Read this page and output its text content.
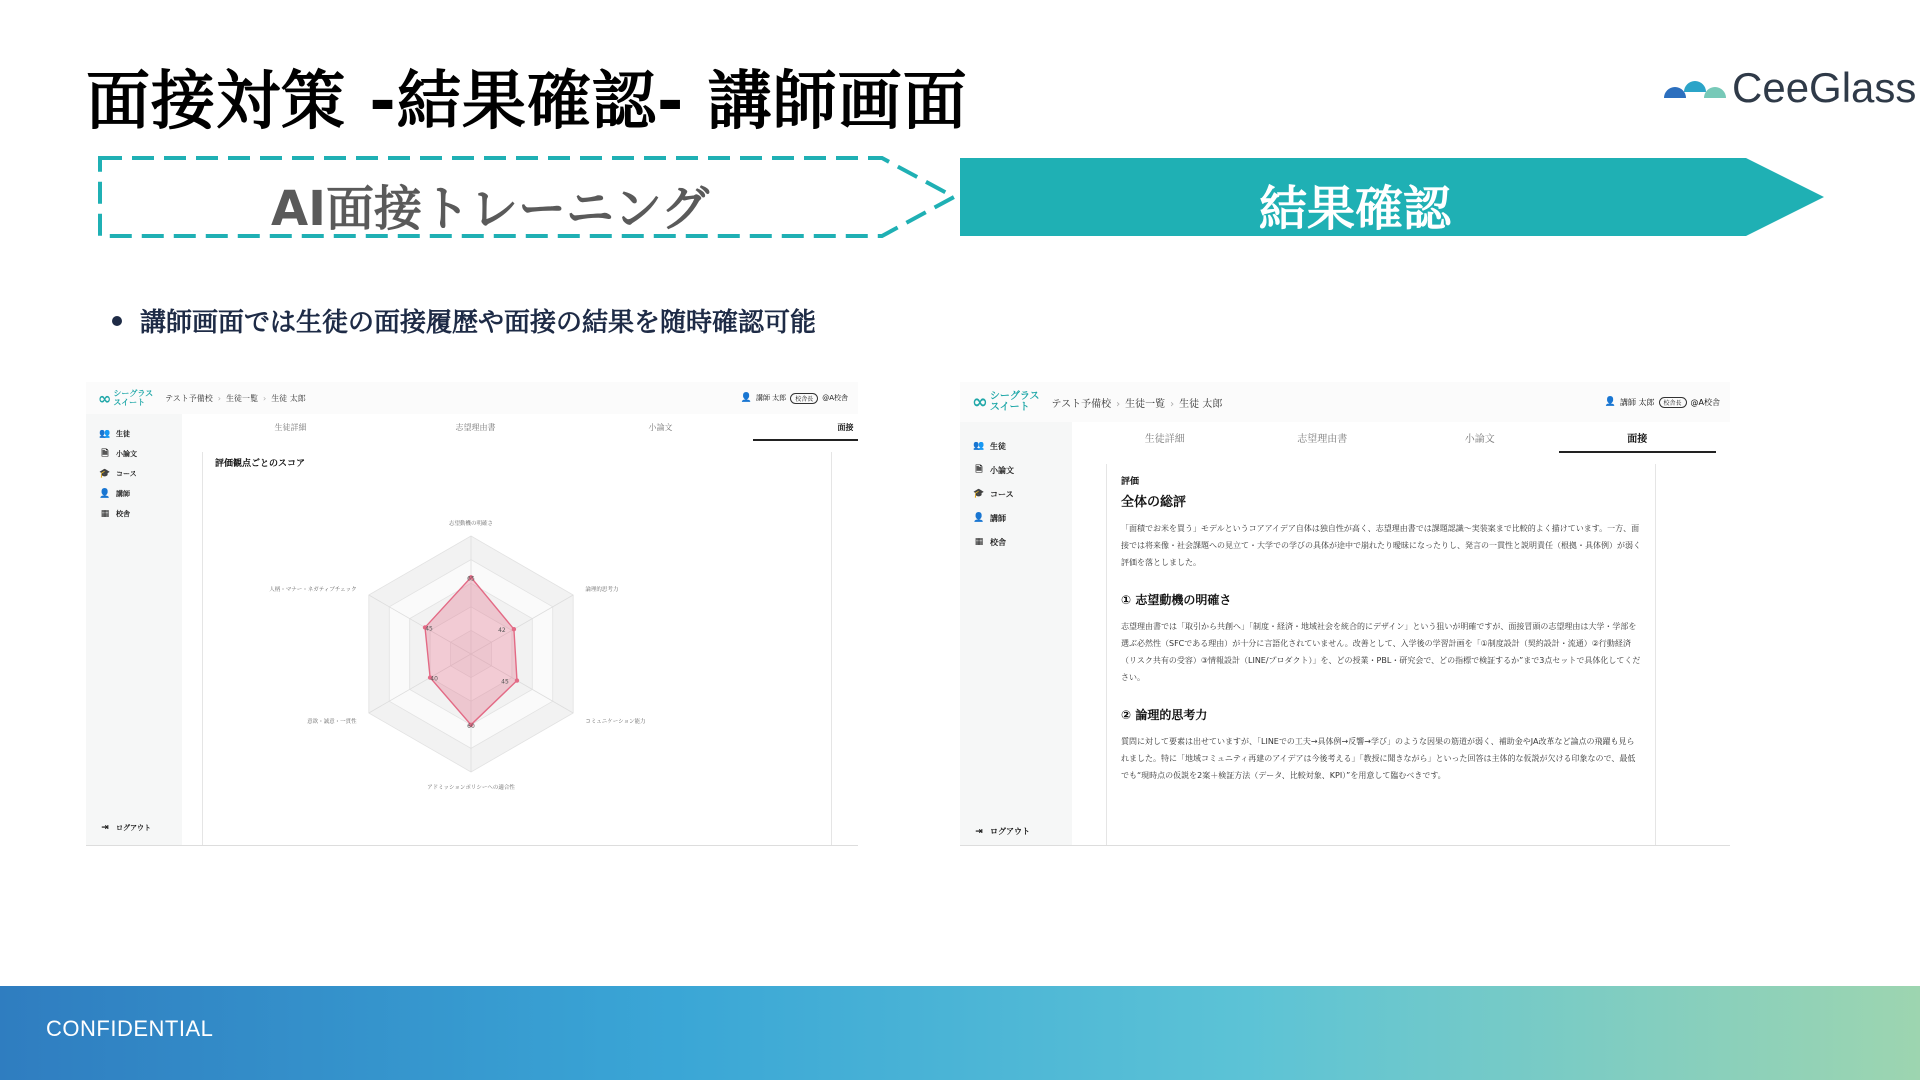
面接対策 -結果確認- 講師画面	CeeGlass
AI面接トレーニング	結果確認
講師画面では生徒の面接履歴や面接の結果を随時確認可能
∞ シーグラス
スイート	テスト予備校 › 生徒一覧 › 生徒 太郎	👤 講師 太郎	校舎長	@A校舎
👥 生徒
🗎	小論文
🎓 コース
👤 講師
▦ 校舎
⇥	ログアウト
生徒詳細	志望理由書	小論文	面接
評価観点ごとのスコア
65
42
45
60
40
45
志望動機の明確さ
論理的思考力
コミュニケーション能力
アドミッションポリシーへの適合性
意欲・誠意・一貫性
人柄・マナー・ネガティブチェック
∞ シーグラス
スイート	テスト予備校 › 生徒一覧 › 生徒 太郎	👤 講師 太郎	校舎長	@A校舎
👥 生徒
🗎 小論文
🎓 コース
👤 講師
▦ 校舎
⇥ ログアウト
生徒詳細	志望理由書	小論文	面接
評価
全体の総評
「面積でお米を買う」モデルというコアアイデア自体は独自性が高く、志望理由書では課題認識〜実装案まで比較的よく描けています。一方、面接では将来像・社会課題への見立て・大学での学びの具体が途中で崩れたり曖昧になったりし、発言の一貫性と説明責任（根拠・具体例）が弱く評価を落としました。
① 志望動機の明確さ
志望理由書では「取引から共創へ」「制度・経済・地域社会を統合的にデザイン」という狙いが明確ですが、面接冒頭の志望理由は大学・学部を選ぶ必然性（SFCである理由）が十分に言語化されていません。改善として、入学後の学習計画を「①制度設計（契約設計・流通）②行動経済（リスク共有の受容）③情報設計（LINE/プロダクト）」を、どの授業・PBL・研究会で、どの指標で検証するか”まで3点セットで具体化してください。
② 論理的思考力
質問に対して要素は出せていますが、「LINEでの工夫→具体例→反響→学び」のような因果の筋道が弱く、補助金やJA改革など論点の飛躍も見られました。特に「地域コミュニティ再建のアイデアは今後考える」「教授に聞きながら」といった回答は主体的な仮説が欠ける印象なので、最低でも“現時点の仮説を2案＋検証方法（データ、比較対象、KPI）”を用意して臨むべきです。
CONFIDENTIAL
